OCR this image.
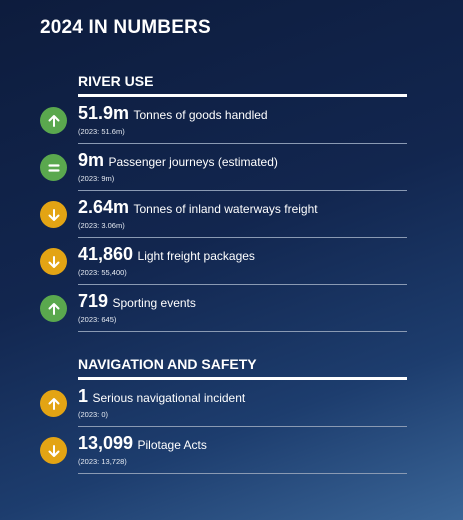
2024 IN NUMBERS
RIVER USE
51.9m Tonnes of goods handled
(2023: 51.6m)
9m Passenger journeys (estimated)
(2023: 9m)
2.64m Tonnes of inland waterways freight
(2023: 3.06m)
41,860 Light freight packages
(2023: 55,400)
719 Sporting events
(2023: 645)
NAVIGATION AND SAFETY
1 Serious navigational incident
(2023: 0)
13,099 Pilotage Acts
(2023: 13,728)
